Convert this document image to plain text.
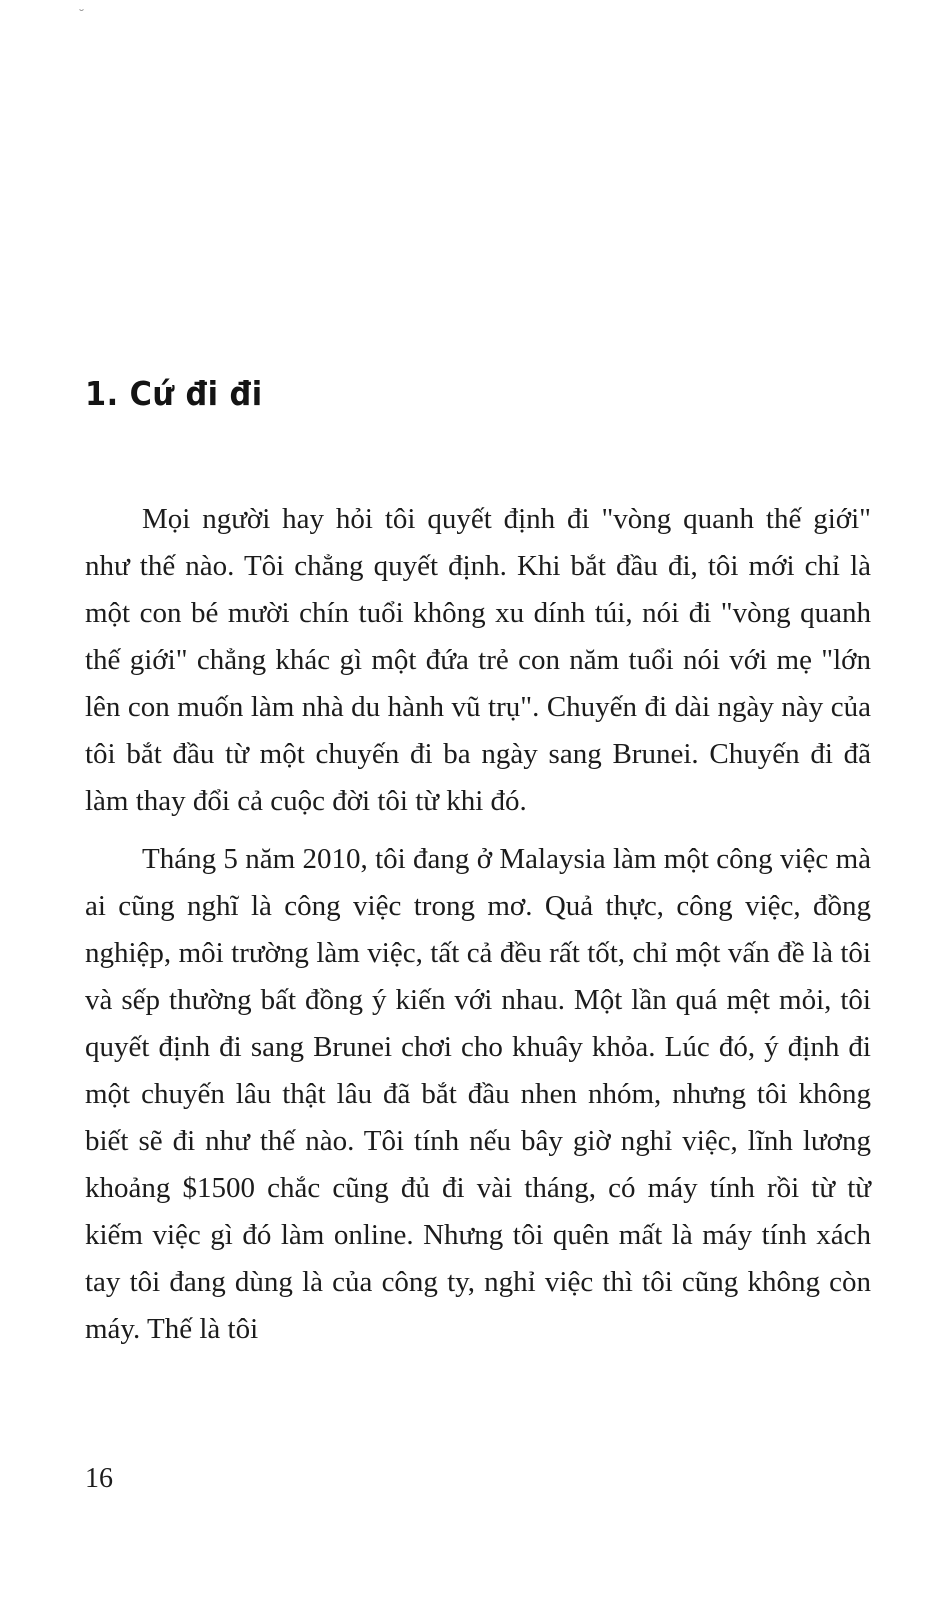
˘
1. Cứ đi đi

Mọi người hay hỏi tôi quyết định đi "vòng quanh thế giới" như thế nào. Tôi chẳng quyết định. Khi bắt đầu đi, tôi mới chỉ là một con bé mười chín tuổi không xu dính túi, nói đi "vòng quanh thế giới" chẳng khác gì một đứa trẻ con năm tuổi nói với mẹ "lớn lên con muốn làm nhà du hành vũ trụ". Chuyến đi dài ngày này của tôi bắt đầu từ một chuyến đi ba ngày sang Brunei. Chuyến đi đã làm thay đổi cả cuộc đời tôi từ khi đó.

Tháng 5 năm 2010, tôi đang ở Malaysia làm một công việc mà ai cũng nghĩ là công việc trong mơ. Quả thực, công việc, đồng nghiệp, môi trường làm việc, tất cả đều rất tốt, chỉ một vấn đề là tôi và sếp thường bất đồng ý kiến với nhau. Một lần quá mệt mỏi, tôi quyết định đi sang Brunei chơi cho khuây khỏa. Lúc đó, ý định đi một chuyến lâu thật lâu đã bắt đầu nhen nhóm, nhưng tôi không biết sẽ đi như thế nào. Tôi tính nếu bây giờ nghỉ việc, lĩnh lương khoảng $1500 chắc cũng đủ đi vài tháng, có máy tính rồi từ từ kiếm việc gì đó làm online. Nhưng tôi quên mất là máy tính xách tay tôi đang dùng là của công ty, nghỉ việc thì tôi cũng không còn máy. Thế là tôi

16
